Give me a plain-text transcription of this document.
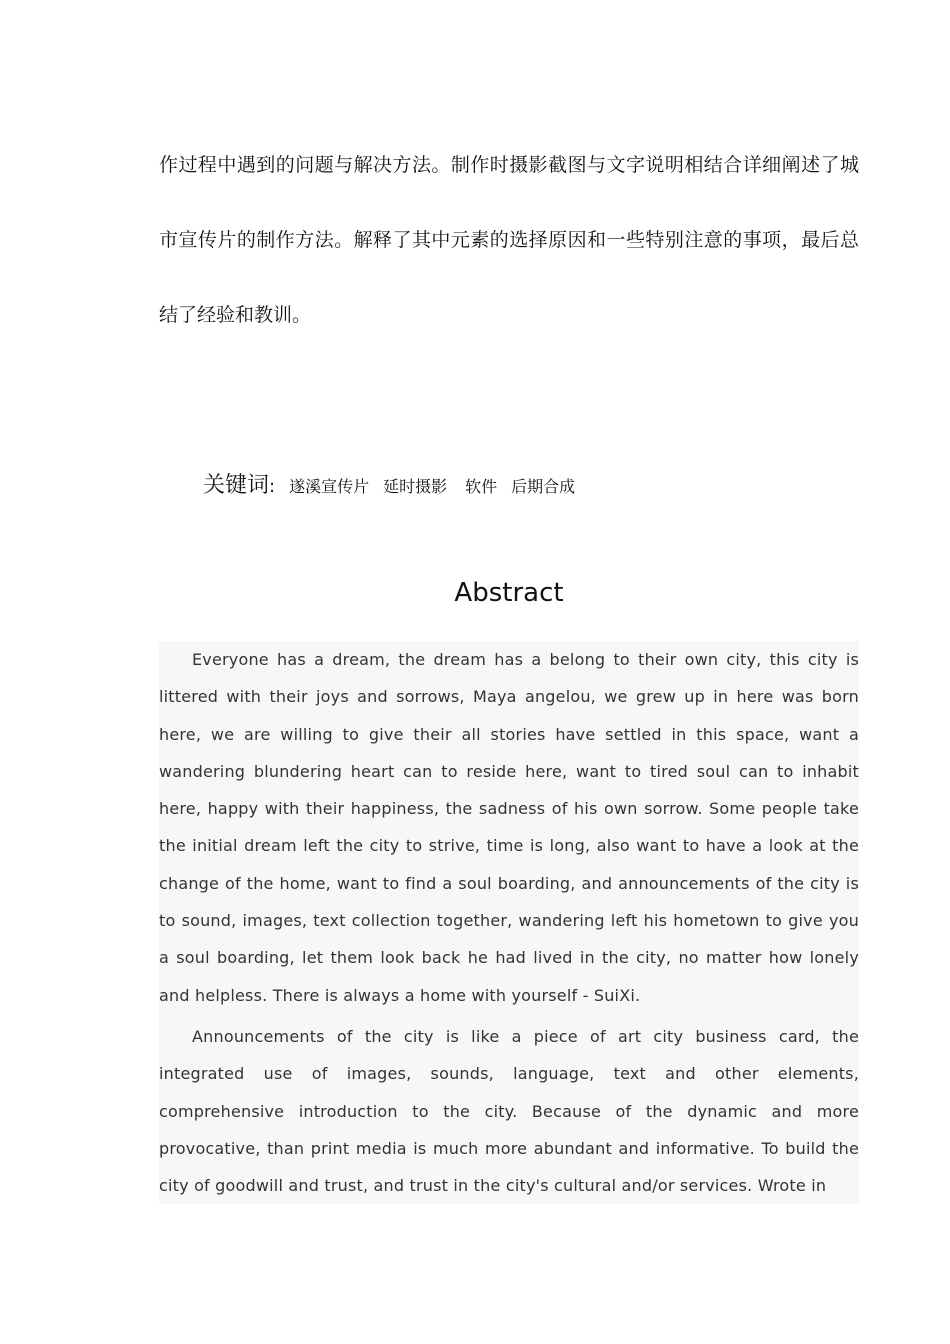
作过程中遇到的问题与解决方法。制作时摄影截图与文字说明相结合详细阐述了城市宣传片的制作方法。解释了其中元素的选择原因和一些特别注意的事项，最后总结了经验和教训。

关键词: 遂溪宣传片 延时摄影 软件 后期合成
Abstract

Everyone has a dream, the dream has a belong to their own city, this city is littered with their joys and sorrows, Maya angelou, we grew up in here was born here, we are willing to give their all stories have settled in this space, want a wandering blundering heart can to reside here, want to tired soul can to inhabit here, happy with their happiness, the sadness of his own sorrow. Some people take the initial dream left the city to strive, time is long, also want to have a look at the change of the home, want to find a soul boarding, and announcements of the city is to sound, images, text collection together, wandering left his hometown to give you a soul boarding, let them look back he had lived in the city, no matter how lonely and helpless. There is always a home with yourself - SuiXi.

Announcements of the city is like a piece of art city business card, the integrated use of images, sounds, language, text and other elements, comprehensive introduction to the city. Because of the dynamic and more provocative, than print media is much more abundant and informative. To build the city of goodwill and trust, and trust in the city's cultural and/or services. Wrote in
